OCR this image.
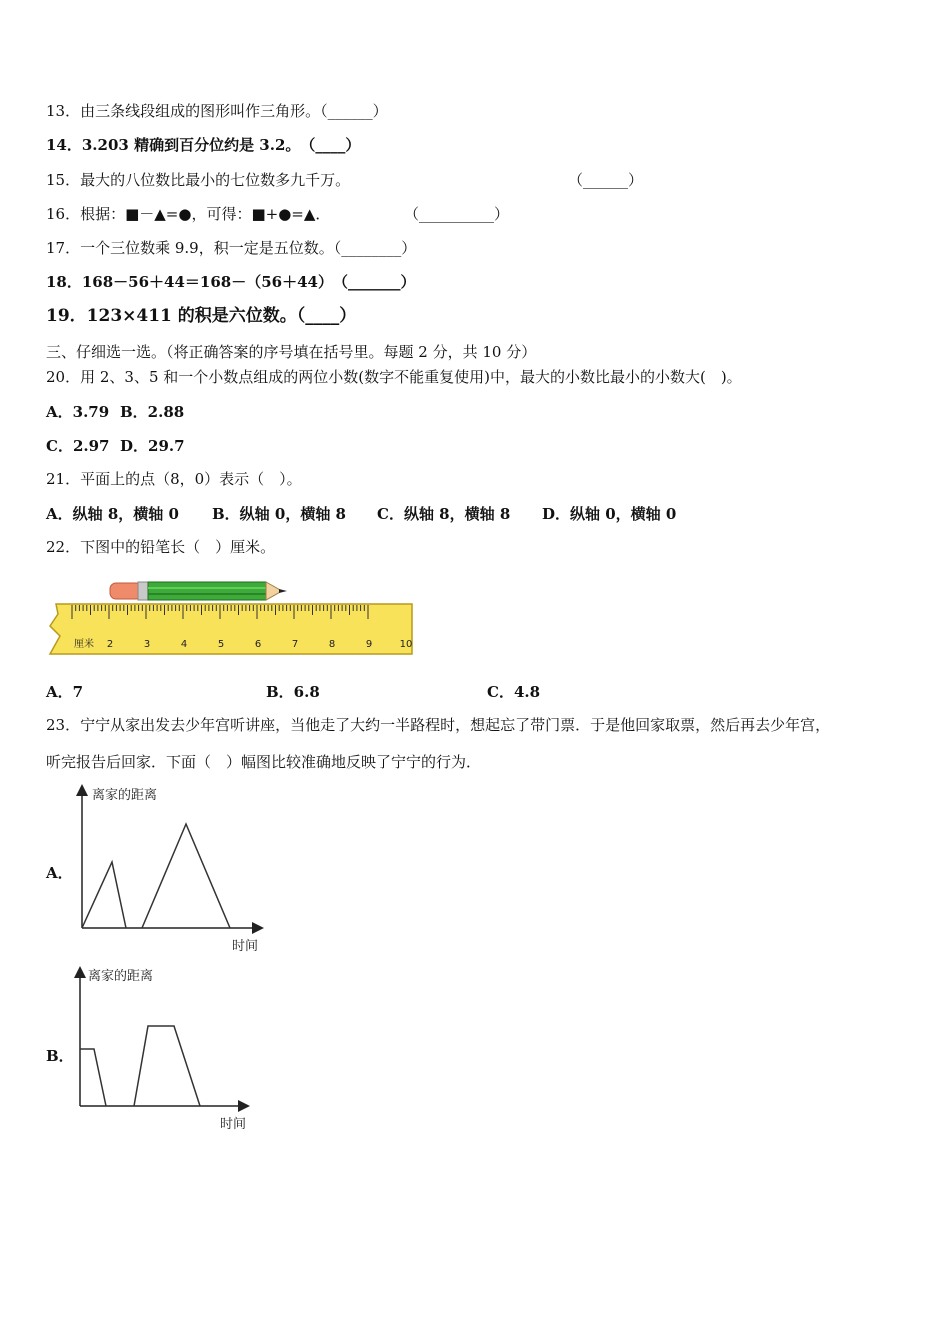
13．由三条线段组成的图形叫作三角形。（______）
14．3.203 精确到百分位约是 3.2。　（____）
15．最大的八位数比最小的七位数多九千万。	（______）
16．根据：■－▲=●，可得：■+●=▲．	（__________）
17．一个三位数乘 9.9，积一定是五位数。（________）
18．168－56＋44＝168－（56＋44）　（_______）
19．123×411 的积是六位数。（____）
三、仔细选一选。（将正确答案的序号填在括号里。每题 2 分，共 10 分）
20．用 2、3、5 和一个小数点组成的两位小数(数字不能重复使用)中，最大的小数比最小的小数大(　)。
A．3.79 B．2.88
C．2.97 D．29.7
21．平面上的点（8，0）表示（　）。
A．纵轴 8，横轴 0 B．纵轴 0，横轴 8 C．纵轴 8，横轴 8 D．纵轴 0，横轴 0
22．下图中的铅笔长（　）厘米。
厘米 2	3	4	5	6	7	8	9	10
A．7	B．6.8	C．4.8
23．宁宁从家出发去少年宫听讲座，当他走了大约一半路程时，想起忘了带门票．于是他回家取票，然后再去少年宫，
听完报告后回家．下面（　）幅图比较准确地反映了宁宁的行为．
A．
离家的距离
时间
B．
离家的距离
时间
